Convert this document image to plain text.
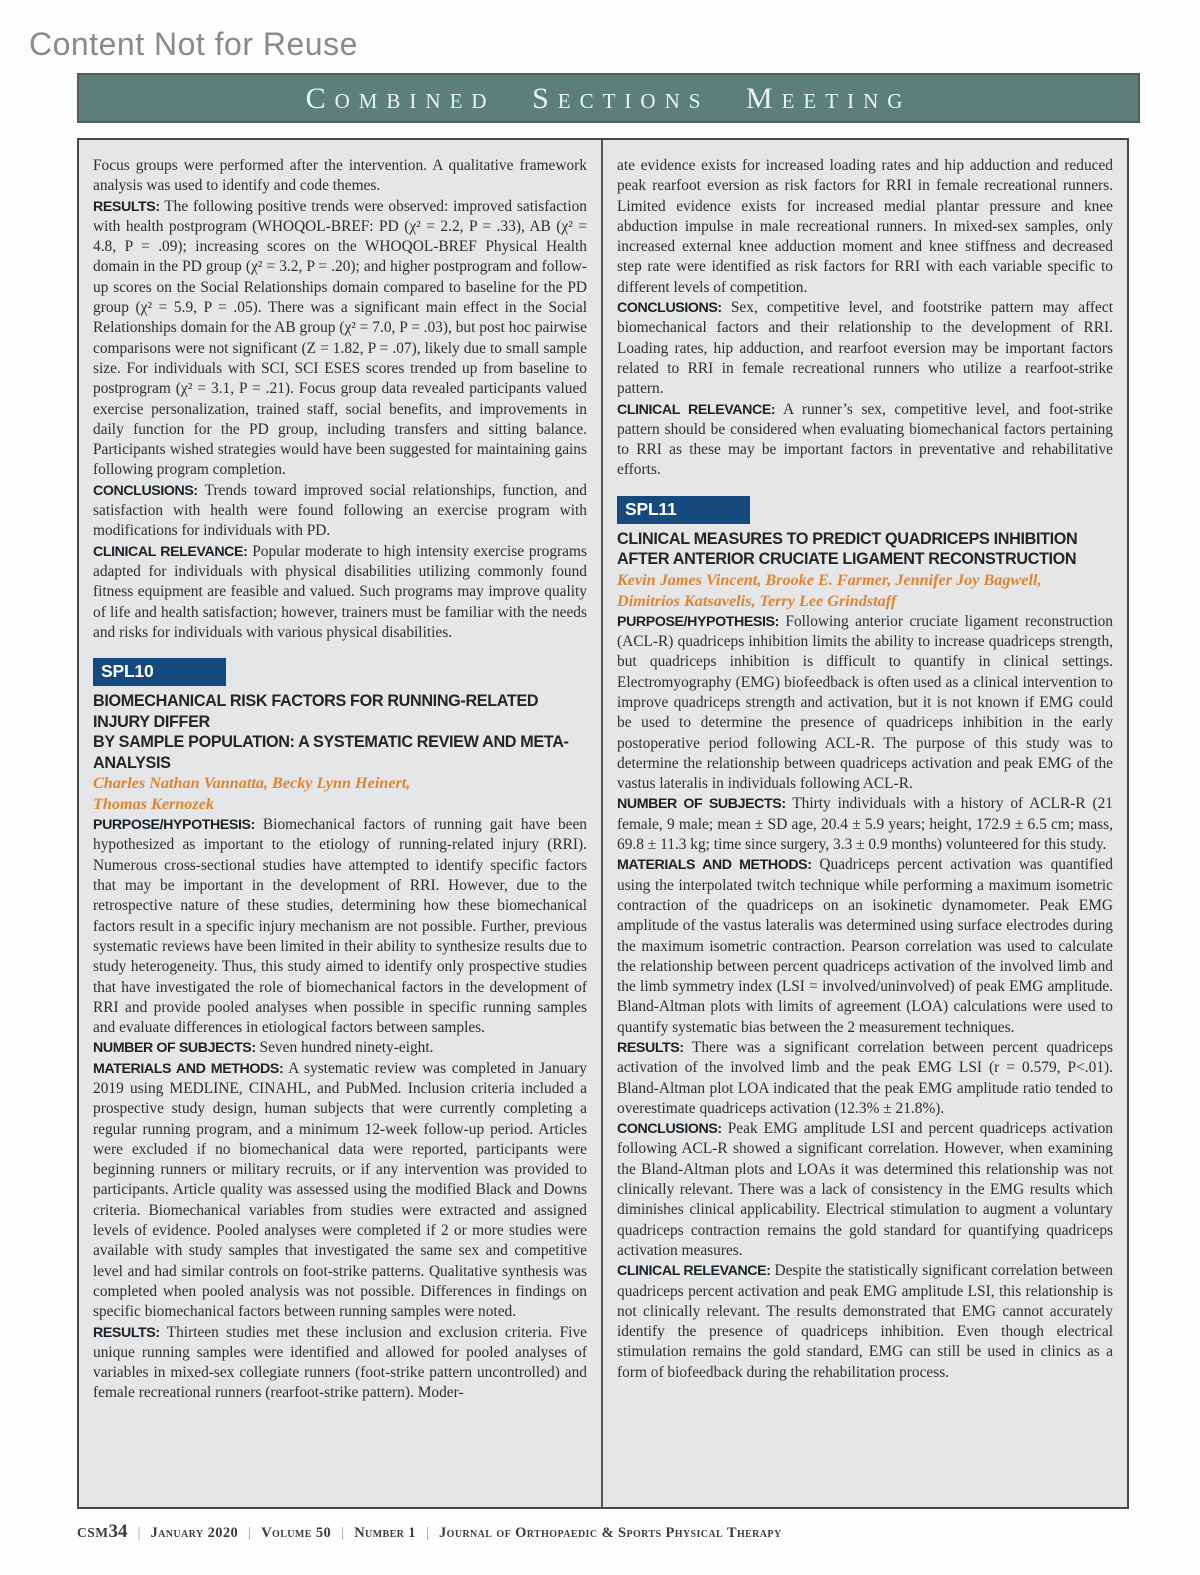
Content Not for Reuse
Combined Sections Meeting

Focus groups were performed after the intervention. A qualitative framework analysis was used to identify and code themes.

RESULTS: The following positive trends were observed: improved satisfaction with health postprogram (WHOQOL-BREF: PD (χ² = 2.2, P = .33), AB (χ² = 4.8, P = .09); increasing scores on the WHOQOL-BREF Physical Health domain in the PD group (χ² = 3.2, P = .20); and higher postprogram and follow-up scores on the Social Relationships domain compared to baseline for the PD group (χ² = 5.9, P = .05). There was a significant main effect in the Social Relationships domain for the AB group (χ² = 7.0, P = .03), but post hoc pairwise comparisons were not significant (Z = 1.82, P = .07), likely due to small sample size. For individuals with SCI, SCI ESES scores trended up from baseline to postprogram (χ² = 3.1, P = .21). Focus group data revealed participants valued exercise personalization, trained staff, social benefits, and improvements in daily function for the PD group, including transfers and sitting balance. Participants wished strategies would have been suggested for maintaining gains following program completion.

CONCLUSIONS: Trends toward improved social relationships, function, and satisfaction with health were found following an exercise program with modifications for individuals with PD.

CLINICAL RELEVANCE: Popular moderate to high intensity exercise programs adapted for individuals with physical disabilities utilizing commonly found fitness equipment are feasible and valued. Such programs may improve quality of life and health satisfaction; however, trainers must be familiar with the needs and risks for individuals with various physical disabilities.

SPL10
BIOMECHANICAL RISK FACTORS FOR RUNNING-RELATED INJURY DIFFER
BY SAMPLE POPULATION: A SYSTEMATIC REVIEW AND META-ANALYSIS
Charles Nathan Vannatta, Becky Lynn Heinert,
Thomas Kernozek

PURPOSE/HYPOTHESIS: Biomechanical factors of running gait have been hypothesized as important to the etiology of running-related injury (RRI). Numerous cross-sectional studies have attempted to identify specific factors that may be important in the development of RRI. However, due to the retrospective nature of these studies, determining how these biomechanical factors result in a specific injury mechanism are not possible. Further, previous systematic reviews have been limited in their ability to synthesize results due to study heterogeneity. Thus, this study aimed to identify only prospective studies that have investigated the role of biomechanical factors in the development of RRI and provide pooled analyses when possible in specific running samples and evaluate differences in etiological factors between samples.

NUMBER OF SUBJECTS: Seven hundred ninety-eight.

MATERIALS AND METHODS: A systematic review was completed in January 2019 using MEDLINE, CINAHL, and PubMed. Inclusion criteria included a prospective study design, human subjects that were currently completing a regular running program, and a minimum 12-week follow-up period. Articles were excluded if no biomechanical data were reported, participants were beginning runners or military recruits, or if any intervention was provided to participants. Article quality was assessed using the modified Black and Downs criteria. Biomechanical variables from studies were extracted and assigned levels of evidence. Pooled analyses were completed if 2 or more studies were available with study samples that investigated the same sex and competitive level and had similar controls on foot-strike patterns. Qualitative synthesis was completed when pooled analysis was not possible. Differences in findings on specific biomechanical factors between running samples were noted.

RESULTS: Thirteen studies met these inclusion and exclusion criteria. Five unique running samples were identified and allowed for pooled analyses of variables in mixed-sex collegiate runners (foot-strike pattern uncontrolled) and female recreational runners (rearfoot-strike pattern). Moder-

ate evidence exists for increased loading rates and hip adduction and reduced peak rearfoot eversion as risk factors for RRI in female recreational runners. Limited evidence exists for increased medial plantar pressure and knee abduction impulse in male recreational runners. In mixed-sex samples, only increased external knee adduction moment and knee stiffness and decreased step rate were identified as risk factors for RRI with each variable specific to different levels of competition.

CONCLUSIONS: Sex, competitive level, and footstrike pattern may affect biomechanical factors and their relationship to the development of RRI. Loading rates, hip adduction, and rearfoot eversion may be important factors related to RRI in female recreational runners who utilize a rearfoot-strike pattern.

CLINICAL RELEVANCE: A runner’s sex, competitive level, and foot-strike pattern should be considered when evaluating biomechanical factors pertaining to RRI as these may be important factors in preventative and rehabilitative efforts.

SPL11
CLINICAL MEASURES TO PREDICT QUADRICEPS INHIBITION
AFTER ANTERIOR CRUCIATE LIGAMENT RECONSTRUCTION
Kevin James Vincent, Brooke E. Farmer, Jennifer Joy Bagwell,
Dimitrios Katsavelis, Terry Lee Grindstaff

PURPOSE/HYPOTHESIS: Following anterior cruciate ligament reconstruction (ACL-R) quadriceps inhibition limits the ability to increase quadriceps strength, but quadriceps inhibition is difficult to quantify in clinical settings. Electromyography (EMG) biofeedback is often used as a clinical intervention to improve quadriceps strength and activation, but it is not known if EMG could be used to determine the presence of quadriceps inhibition in the early postoperative period following ACL-R. The purpose of this study was to determine the relationship between quadriceps activation and peak EMG of the vastus lateralis in individuals following ACL-R.

NUMBER OF SUBJECTS: Thirty individuals with a history of ACLR-R (21 female, 9 male; mean ± SD age, 20.4 ± 5.9 years; height, 172.9 ± 6.5 cm; mass, 69.8 ± 11.3 kg; time since surgery, 3.3 ± 0.9 months) volunteered for this study.

MATERIALS AND METHODS: Quadriceps percent activation was quantified using the interpolated twitch technique while performing a maximum isometric contraction of the quadriceps on an isokinetic dynamometer. Peak EMG amplitude of the vastus lateralis was determined using surface electrodes during the maximum isometric contraction. Pearson correlation was used to calculate the relationship between percent quadriceps activation of the involved limb and the limb symmetry index (LSI = involved/uninvolved) of peak EMG amplitude. Bland-Altman plots with limits of agreement (LOA) calculations were used to quantify systematic bias between the 2 measurement techniques.

RESULTS: There was a significant correlation between percent quadriceps activation of the involved limb and the peak EMG LSI (r = 0.579, P<.01). Bland-Altman plot LOA indicated that the peak EMG amplitude ratio tended to overestimate quadriceps activation (12.3% ± 21.8%).

CONCLUSIONS: Peak EMG amplitude LSI and percent quadriceps activation following ACL-R showed a significant correlation. However, when examining the Bland-Altman plots and LOAs it was determined this relationship was not clinically relevant. There was a lack of consistency in the EMG results which diminishes clinical applicability. Electrical stimulation to augment a voluntary quadriceps contraction remains the gold standard for quantifying quadriceps activation measures.

CLINICAL RELEVANCE: Despite the statistically significant correlation between quadriceps percent activation and peak EMG amplitude LSI, this relationship is not clinically relevant. The results demonstrated that EMG cannot accurately identify the presence of quadriceps inhibition. Even though electrical stimulation remains the gold standard, EMG can still be used in clinics as a form of biofeedback during the rehabilitation process.

CSM34 | January 2020 | Volume 50 | Number 1 | Journal of Orthopaedic & Sports Physical Therapy
